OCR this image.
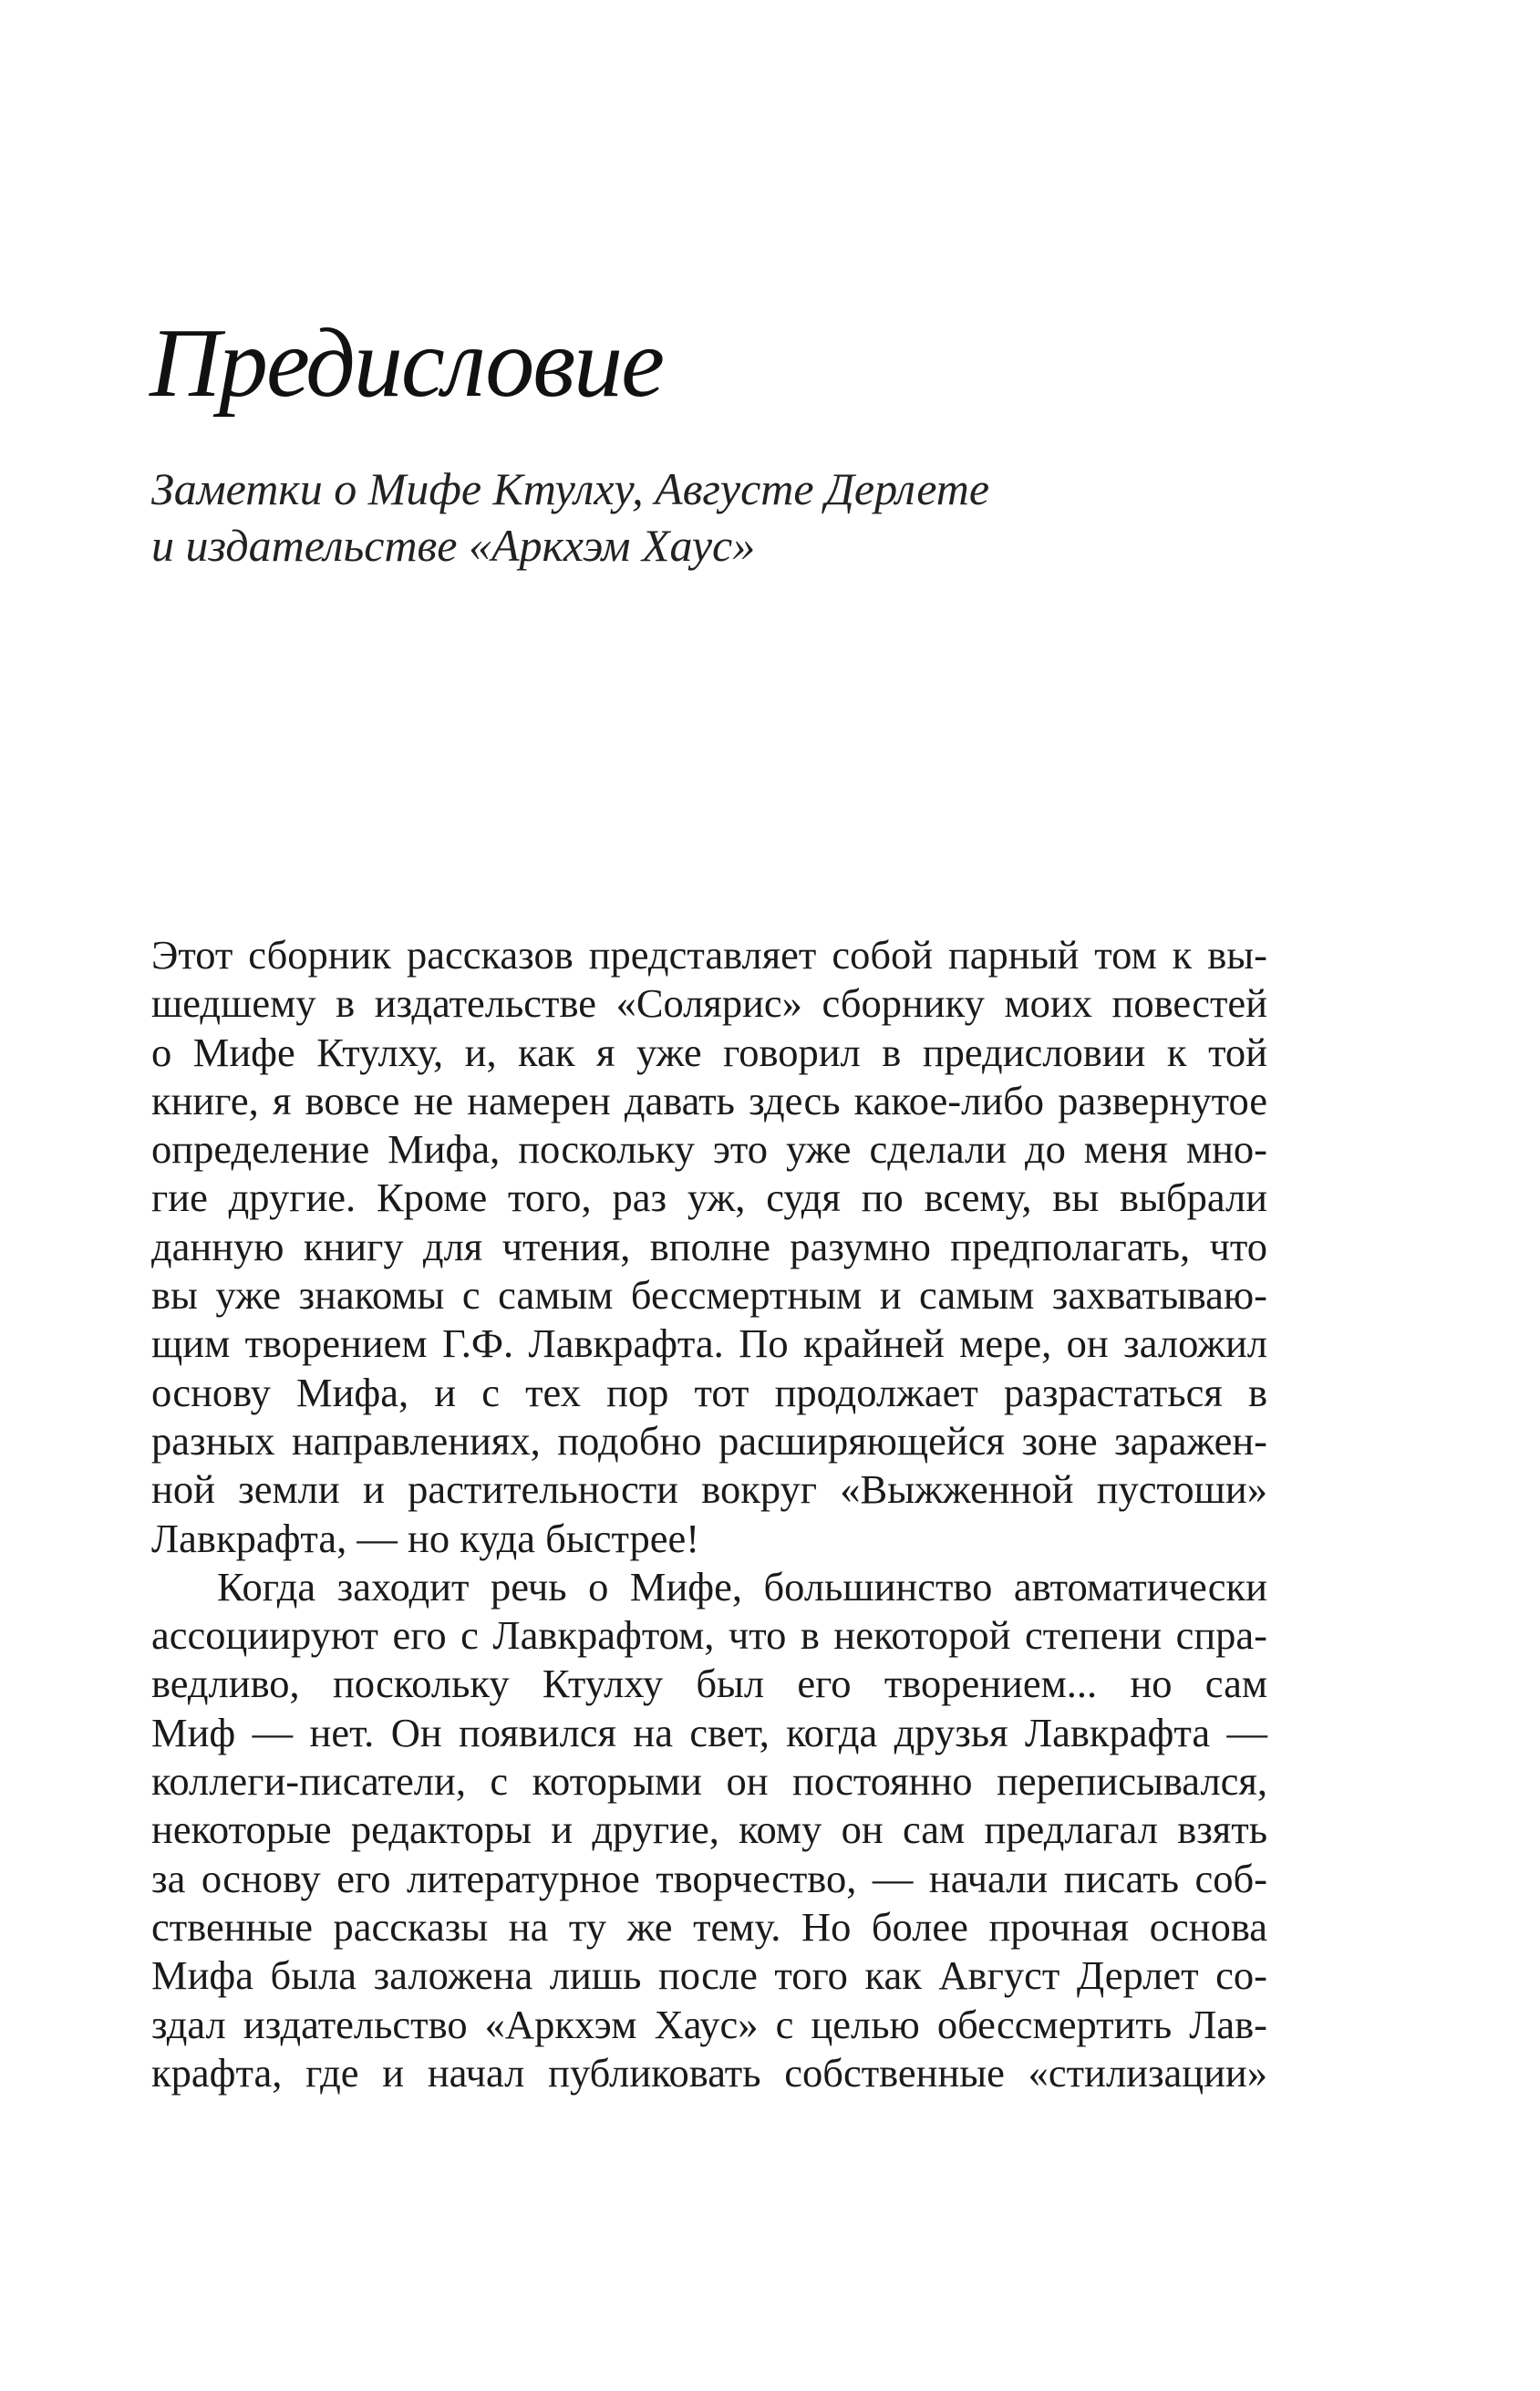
Предисловие
Заметки о Мифе Ктулху, Августе Дерлете
и издательстве «Аркхэм Хаус»
Этот сборник рассказов представляет собой парный том к вы-
шедшему в издательстве «Солярис» сборнику моих повестей
о Мифе Ктулху, и, как я уже говорил в предисловии к той
книге, я вовсе не намерен давать здесь какое-либо развернутое
определение Мифа, поскольку это уже сделали до меня мно-
гие другие. Кроме того, раз уж, судя по всему, вы выбрали
данную книгу для чтения, вполне разумно предполагать, что
вы уже знакомы с самым бессмертным и самым захватываю-
щим творением Г.Ф. Лавкрафта. По крайней мере, он заложил
основу Мифа, и с тех пор тот продолжает разрастаться в
разных направлениях, подобно расширяющейся зоне заражен-
ной земли и растительности вокруг «Выжженной пустоши»
Лавкрафта, — но куда быстрее!
Когда заходит речь о Мифе, большинство автоматически
ассоциируют его с Лавкрафтом, что в некоторой степени спра-
ведливо, поскольку Ктулху был его творением... но сам
Миф — нет. Он появился на свет, когда друзья Лавкрафта —
коллеги-писатели, с которыми он постоянно переписывался,
некоторые редакторы и другие, кому он сам предлагал взять
за основу его литературное творчество, — начали писать соб-
ственные рассказы на ту же тему. Но более прочная основа
Мифа была заложена лишь после того как Август Дерлет со-
здал издательство «Аркхэм Хаус» с целью обессмертить Лав-
крафта, где и начал публиковать собственные «стилизации»
